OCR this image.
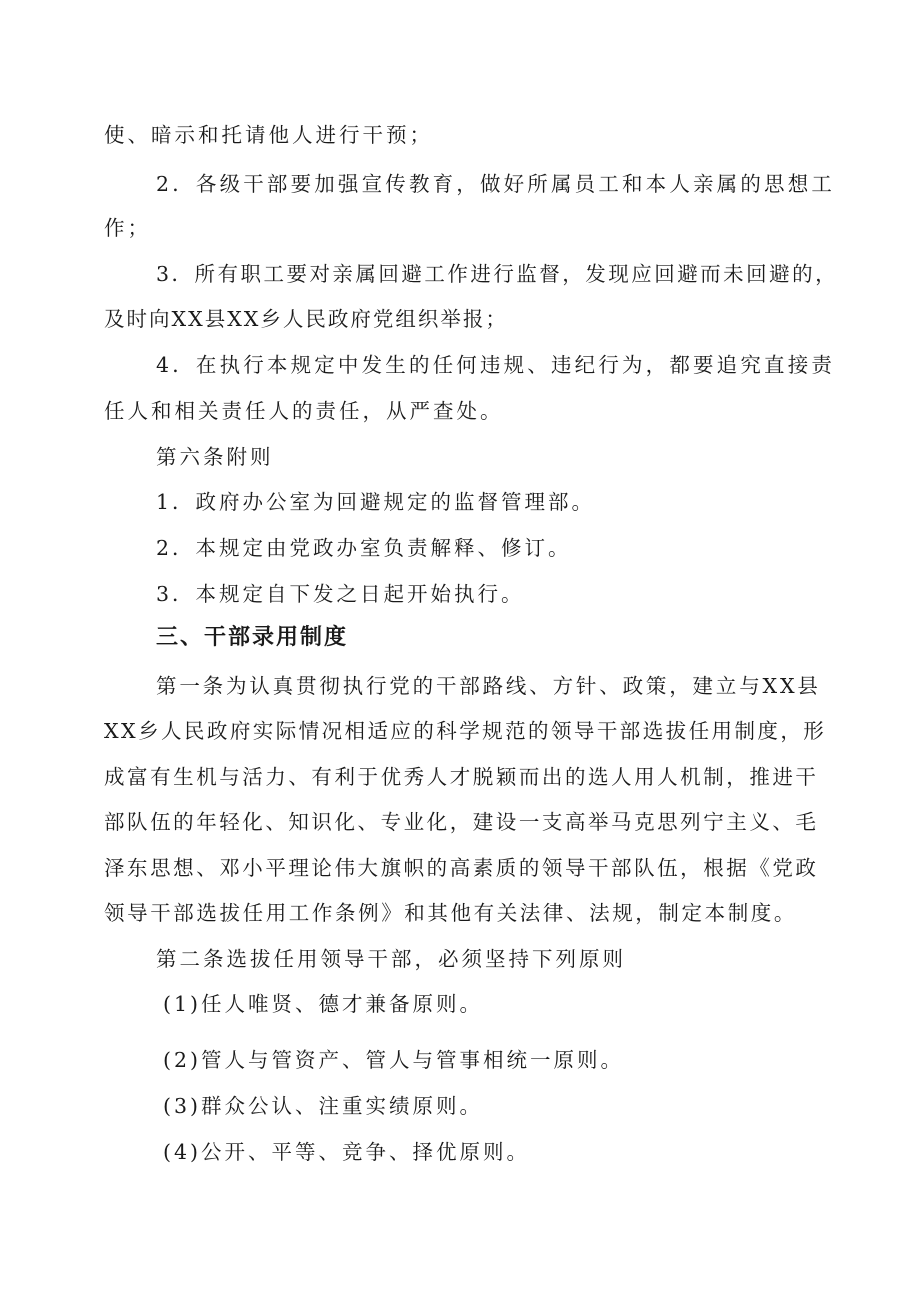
使、暗示和托请他人进行干预；

2 ． 各 级 干 部 要 加 强 宣 传 教 育 ， 做 好 所 属 员 工 和 本 人 亲 属 的 思 想 工

作；

3 ． 所 有 职 工 要 对 亲 属 回 避 工 作 进 行 监 督 ， 发 现 应 回 避 而 未 回 避 的 ，

及时向XX县XX乡人民政府党组织举报；

4 ． 在 执 行 本 规 定 中 发 生 的 任 何 违 规 、 违 纪 行 为 ， 都 要 追 究 直 接 责

任人和相关责任人的责任，从严查处。

第六条附则

1．政府办公室为回避规定的监督管理部。

2．本规定由党政办室负责解释、修订。

3．本规定自下发之日起开始执行。

三、干部录用制度

第 一 条 为 认 真 贯 彻 执 行 党 的 干 部 路 线 、 方 针 、 政 策 ， 建 立 与 X X 县

X X 乡 人 民 政 府 实 际 情 况 相 适 应 的 科 学 规 范 的 领 导 干 部 选 拔 任 用 制 度 ， 形

成 富 有 生 机 与 活 力 、 有 利 于 优 秀 人 才 脱 颖 而 出 的 选 人 用 人 机 制 ， 推 进 干

部 队 伍 的 年 轻 化 、 知 识 化 、 专 业 化 ， 建 设 一 支 高 举 马 克 思 列 宁 主 义 、 毛

泽 东 思 想 、 邓 小 平 理 论 伟 大 旗 帜 的 高 素 质 的 领 导 干 部 队 伍 ， 根 据 《 党 政

领导干部选拔任用工作条例》和其他有关法律、法规，制定本制度。

第二条选拔任用领导干部，必须坚持下列原则

(1)任人唯贤、德才兼备原则。

(2)管人与管资产、管人与管事相统一原则。

(3)群众公认、注重实绩原则。

(4)公开、平等、竞争、择优原则。
